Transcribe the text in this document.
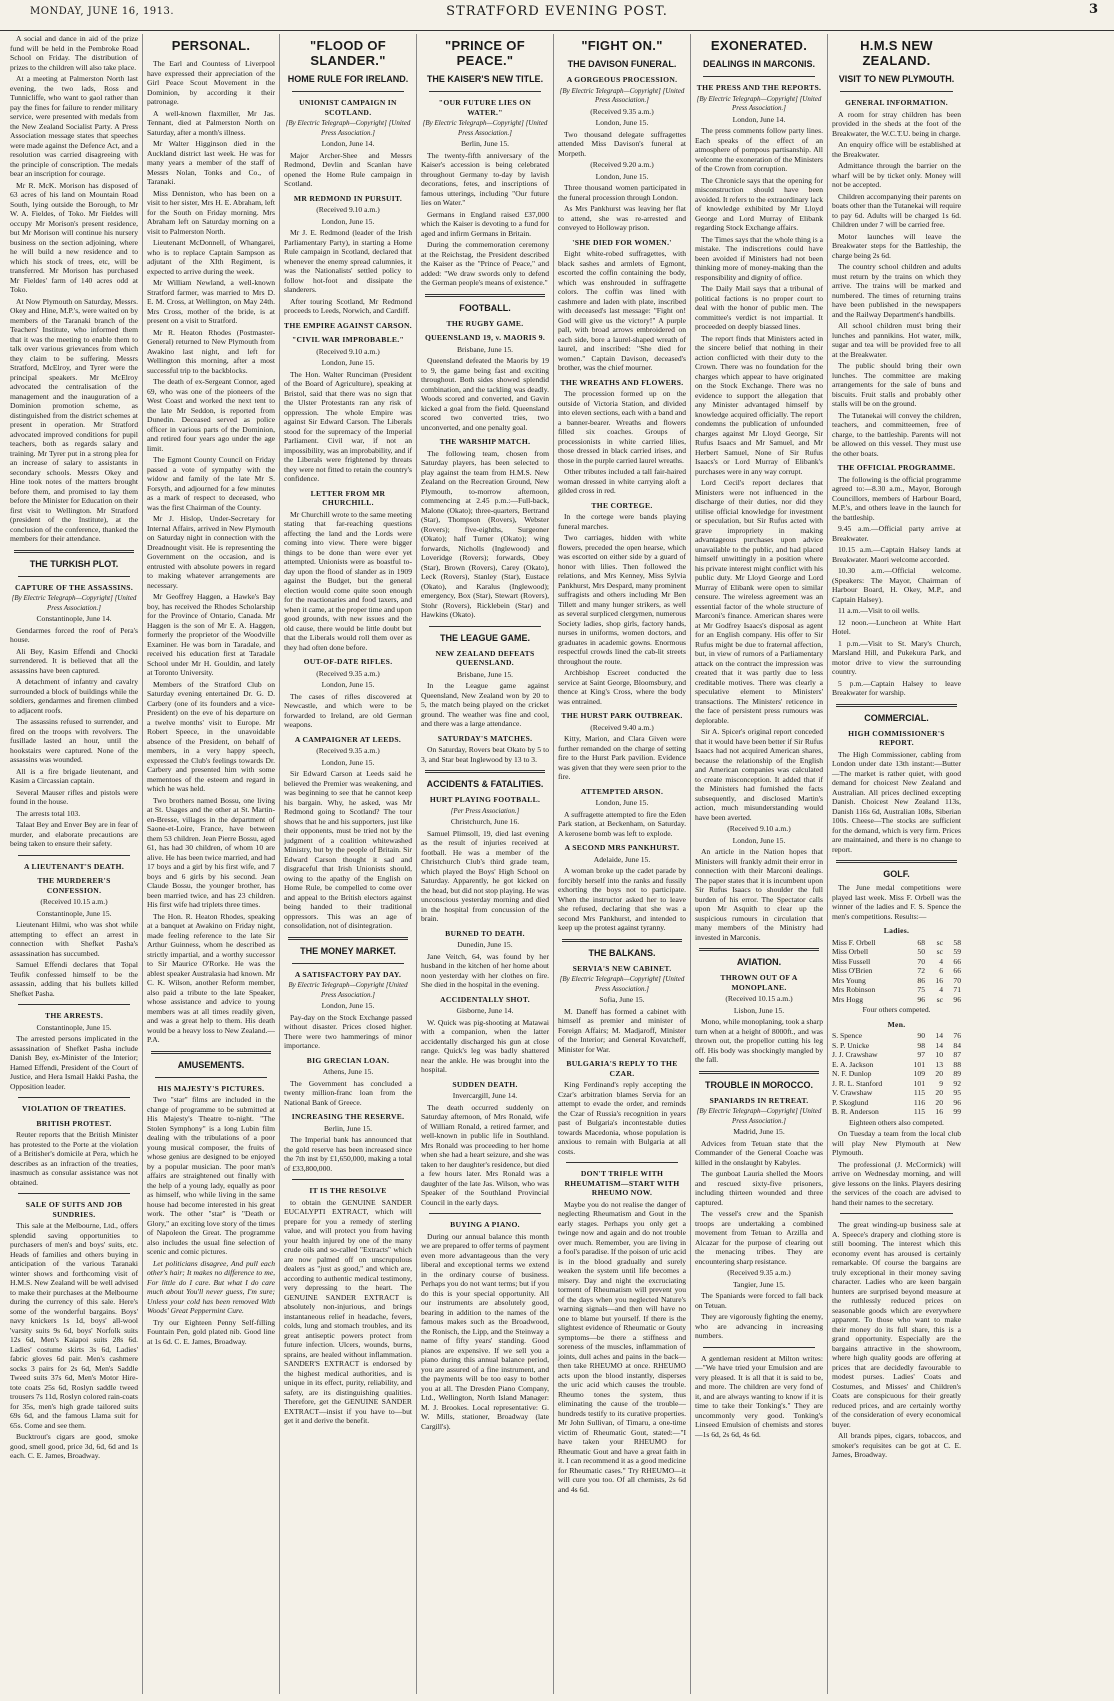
MONDAY, JUNE 16, 1913.	STRATFORD EVENING POST.	3

A social and dance in aid of the prize fund will be held in the Pembroke Road School on Friday. The distribution of prizes to the children will also take place.

At a meeting at Palmerston North last evening, the two lads, Ross and Tunnicliffe, who want to gaol rather than pay the fines for failure to render military service, were presented with medals from the New Zealand Socialist Party. A Press Association message states that speeches were made against the Defence Act, and a resolution was carried disagreeing with the principle of conscription. The medals bear an inscription for courage.

Mr R. McK. Morison has disposed of 63 acres of his land on Mountain Road South, lying outside the Borough, to Mr W. A. Fieldes, of Toko. Mr Fieldes will occupy Mr Morison's present residence, but Mr Morison will continue his nursery business on the section adjoining, where he will build a new residence and to which his stock of trees, etc, will be transferred. Mr Morison has purchased Mr Fieldes' farm of 140 acres odd at Toko.

At Now Plymouth on Saturday, Messrs. Okey and Hine, M.P.'s, were waited on by members of the Taranaki branch of the Teachers' Institute, who informed them that it was the meeting to enable them to talk over various grievances from which they claim to be suffering. Messrs Stratford, McElroy, and Tyrer were the principal speakers. Mr McElroy advocated the centralisation of the management and the inauguration of a Dominion promotion scheme, as distinguished from the district schemes at present in operation. Mr Stratford advocated improved conditions for pupil teachers, both as regards salary and training. Mr Tyrer put in a strong plea for an increase of salary to assistants in secondary schools. Messrs Okey and Hine took notes of the matters brought before them, and promised to lay them before the Minister for Education on their first visit to Wellington. Mr Stratford (president of the Institute), at the conclusion of the conference, thanked the members for their attendance.

THE TURKISH PLOT.
CAPTURE OF THE ASSASSINS.
[By Electric Telegraph—Copyright] [United Press Association.]
Constantinople, June 14.

Gendarmes forced the roof of Pera's house.

Ali Bey, Kasim Effendi and Chocki surrendered. It is believed that all the assassins have been captured.

A detachment of infantry and cavalry surrounded a block of buildings while the soldiers, gendarmes and firemen climbed to adjacent roofs.

The assassins refused to surrender, and fired on the troops with revolvers. The fusillade lasted an hour, until the hookstairs were captured. None of the assassins was wounded.

All is a fire brigade lieutenant, and Kasim a Circassian captain.

Several Mauser rifles and pistols were found in the house.

The arrests total 103.

Talaat Bey and Enver Bey are in fear of murder, and elaborate precautions are being taken to ensure their safety.

A LIEUTENANT'S DEATH.
THE MURDERER'S CONFESSION.
(Received 10.15 a.m.)
Constantinople, June 15.

Lieutenant Hilmi, who was shot while attempting to effect an arrest in connection with Shefket Pasha's assassination has succumbed.

Samuel Effendi declares that Topal Teufik confessed himself to be the assassin, adding that his bullets killed Shefket Pasha.

THE ARRESTS.
Constantinople, June 15.

The arrested persons implicated in the assassination of Shefket Pasha include Danish Bey, ex-Minister of the Interior; Hamed Effendi, President of the Court of Justice, and Hera Ismail Hakki Pasha, the Opposition leader.

VIOLATION OF TREATIES.
BRITISH PROTEST.

Reuter reports that the British Minister has protested to the Porte at the violation of a Britisher's domicile at Pera, which he describes as an infraction of the treaties, inasmuch as consular assistance was not obtained.

SALE OF SUITS AND JOB SUNDRIES.

This sale at the Melbourne, Ltd., offers splendid saving opportunities to purchasers of men's and boys' suits, etc. Heads of families and others buying in anticipation of the various Taranaki winter shows and forthcoming visit of H.M.S. New Zealand will be well advised to make their purchases at the Melbourne during the currency of this sale. Here's some of the wonderful bargains. Boys' navy knickers 1s 1d, boys' all-wool 'varsity suits 9s 6d, boys' Norfolk suits 12s 6d, Men's Kaiapoi suits 28s 6d. Ladies' costume skirts 3s 6d, Ladies' fabric gloves 6d pair. Men's cashmere socks 3 pairs for 2s 6d, Men's Saddle Tweed suits 37s 6d, Men's Motor Hire-tote coats 25s 6d, Roslyn saddle tweed trousers 7s 11d, Roslyn colored rain-coats for 35s, men's high grade tailored suits 69s 6d, and the famous Llama suit for 65s. Come and see them.

Bucktrout's cigars are good, smoke good, smell good, price 3d, 6d, 6d and 1s each. C. E. James, Broadway.

PERSONAL.

The Earl and Countess of Liverpool have expressed their appreciation of the Girl Peace Scout Movement in the Dominion, by according it their patronage.

A well-known flaxmiller, Mr Jas. Tennant, died at Palmerston North on Saturday, after a month's illness.

Mr Walter Higginson died in the Auckland district last week. He was for many years a member of the staff of Messrs Nolan, Tonks and Co., of Taranaki.

Miss Denniston, who has been on a visit to her sister, Mrs H. E. Abraham, left for the South on Friday morning. Mrs Abraham left on Saturday morning on a visit to Palmerston North.

Lieutenant McDonnell, of Whangarei, who is to replace Captain Sampson as adjutant of the XIth Regiment, is expected to arrive during the week.

Mr William Newland, a well-known Stratford farmer, was married to Mrs D. E. M. Cross, at Wellington, on May 24th. Mrs Cross, mother of the bride, is at present on a visit to Stratford.

Mr R. Heaton Rhodes (Postmaster-General) returned to New Plymouth from Awakino last night, and left for Wellington this morning, after a most successful trip to the backblocks.

The death of ex-Sergeant Connor, aged 69, who was one of the pioneers of the West Coast and worked the next tent to the late Mr Seddon, is reported from Dunedin. Deceased served as police officer in various parts of the Dominion, and retired four years ago under the age limit.

The Egmont County Council on Friday passed a vote of sympathy with the widow and family of the late Mr S. Forsyth, and adjourned for a few minutes as a mark of respect to deceased, who was the first Chairman of the County.

Mr J. Hislop, Under-Secretary for Internal Affairs, arrived in New Plymouth on Saturday night in connection with the Dreadnought visit. He is representing the Government on the occasion, and is entrusted with absolute powers in regard to making whatever arrangements are necessary.

Mr Geoffrey Haggen, a Hawke's Bay boy, has received the Rhodes Scholarship for the Province of Ontario, Canada. Mr Haggen is the son of Mr E. A. Haggen, formerly the proprietor of the Woodville Examiner. He was born in Taradale, and received his education first at Taradale School under Mr H. Gouldin, and lately at Toronto University.

Members of the Stratford Club on Saturday evening entertained Dr. G. D. Carbery (one of its founders and a vice-President) on the eve of his departure on a twelve months' visit to Europe. Mr Robert Speece, in the unavoidable absence of the President, on behalf of members, in a very happy speech, expressed the Club's feelings towards Dr. Carbery and presented him with some mementoes of the esteem and regard in which he was held.

Two brothers named Bossu, one living at St. Usages and the other at St. Martin-en-Bresse, villages in the department of Saone-et-Loire, France, have between them 53 children. Jean Pierre Bossu, aged 61, has had 30 children, of whom 10 are alive. He has been twice married, and had 17 boys and a girl by his first wife, and 7 boys and 6 girls by his second. Jean Claude Bossu, the younger brother, has been married twice, and has 23 children. His first wife had triplets three times.

The Hon. R. Heaton Rhodes, speaking at a banquet at Awakino on Friday night, made feeling reference to the late Sir Arthur Guinness, whom he described as strictly impartial, and a worthy successor to Sir Maurice O'Rorke. He was the ablest speaker Australasia had known. Mr C. K. Wilson, another Reform member, also paid a tribute to the late Speaker, whose assistance and advice to young members was at all times readily given, and was a great help to them. His death would be a heavy loss to New Zealand.—P.A.

AMUSEMENTS.
HIS MAJESTY'S PICTURES.

Two "star" films are included in the change of programme to be submitted at His Majesty's Theatre to-night. "The Stolen Symphony" is a long Lubin film dealing with the tribulations of a poor young musical composer, the fruits of whose genius are designed to be enjoyed by a popular musician. The poor man's affairs are straightened out finally with the help of a young lady, equally as poor as himself, who while living in the same house had become interested in his great work. The other "star" is "Death or Glory," an exciting love story of the times of Napoleon the Great. The programme also includes the usual fine selection of scenic and comic pictures.

Let politicians disagree, And pull each other's hair; It makes no difference to me, For little do I care. But what I do care much about You'll never guess, I'm sure; Unless your cold has been removed With Woods' Great Peppermint Cure.

Try our Eighteen Penny Self-filling Fountain Pen, gold plated nib. Good line at 1s 6d. C. E. James, Broadway.

"FLOOD OF SLANDER."
HOME RULE FOR IRELAND.
UNIONIST CAMPAIGN IN SCOTLAND.
[By Electric Telegraph—Copyright] [United Press Association.]
London, June 14.

Major Archer-Shee and Messrs Redmond, Devlin and Scanlan have opened the Home Rule campaign in Scotland.

MR REDMOND IN PURSUIT.
(Received 9.10 a.m.)
London, June 15.

Mr J. E. Redmond (leader of the Irish Parliamentary Party), in starting a Home Rule campaign in Scotland, declared that whenever the enemy spread calumnies, it was the Nationalists' settled policy to follow hot-foot and dissipate the slanderers.

After touring Scotland, Mr Redmond proceeds to Leeds, Norwich, and Cardiff.

THE EMPIRE AGAINST CARSON.
"CIVIL WAR IMPROBABLE."
(Received 9.10 a.m.)
London, June 15.

The Hon. Walter Runciman (President of the Board of Agriculture), speaking at Bristol, said that there was no sign that the Ulster Protestants ran any risk of oppression. The whole Empire was against Sir Edward Carson. The Liberals stood for the supremacy of the Imperial Parliament. Civil war, if not an impossibility, was an improbability, and if the Liberals were frightened by threats they were not fitted to retain the country's confidence.

LETTER FROM MR CHURCHILL.

Mr Churchill wrote to the same meeting stating that far-reaching questions affecting the land and the Lords were coming into view. There were bigger things to be done than were ever yet attempted. Unionists were as boastful to-day upon the flood of slander as in 1909 against the Budget, but the general election would come quite soon enough for the reactionaries and food taxers, and when it came, at the proper time and upon good grounds, with new issues and the old cause, there would be little doubt but that the Liberals would roll them over as they had often done before.

OUT-OF-DATE RIFLES.
(Received 9.35 a.m.)
London, June 15.

The cases of rifles discovered at Newcastle, and which were to be forwarded to Ireland, are old German weapons.

A CAMPAIGNER AT LEEDS.
(Received 9.35 a.m.)
London, June 15.

Sir Edward Carson at Leeds said he believed the Premier was weakening, and was beginning to see that he cannot keep his bargain. Why, he asked, was Mr Redmond going to Scotland? The tour shows that he and his supporters, just like their opponents, must be tried not by the judgment of a coalition whitewashed Ministry, but by the people of Britain. Sir Edward Carson thought it sad and disgraceful that Irish Unionists should, owing to the apathy of the English on Home Rule, be compelled to come over and appeal to the British electors against being handed to their traditional oppressors. This was an age of consolidation, not of disintegration.

THE MONEY MARKET.
A SATISFACTORY PAY DAY.
By Electric Telegraph—Copyright [United Press Association.]
London, June 15.

Pay-day on the Stock Exchange passed without disaster. Prices closed higher. There were two hammerings of minor importance.

BIG GRECIAN LOAN.
Athens, June 15.

The Government has concluded a twenty million-franc loan from the National Bank of Greece.

INCREASING THE RESERVE.
Berlin, June 15.

The Imperial bank has announced that the gold reserve has been increased since the 7th inst by £1,650,000, making a total of £33,800,000.

IT IS THE RESOLVE

to obtain the GENUINE SANDER EUCALYPTI EXTRACT, which will prepare for you a remedy of sterling value, and will protect you from having your health injured by one of the many crude oils and so-called "Extracts" which are now palmed off on unscrupulous dealers as "just as good," and which are, according to authentic medical testimony, very depressing to the heart. The GENUINE SANDER EXTRACT is absolutely non-injurious, and brings instantaneous relief in headache, fevers, colds, lung and stomach troubles, and its great antiseptic powers protect from future infection. Ulcers, wounds, burns, sprains, are healed without inflammation. SANDER'S EXTRACT is endorsed by the highest medical authorities, and is unique in its effect, purity, reliability, and safety, are its distinguishing qualities. Therefore, get the GENUINE SANDER EXTRACT—insist if you have to—but get it and derive the benefit.

"PRINCE OF PEACE."
THE KAISER'S NEW TITLE.
"OUR FUTURE LIES ON WATER."
[By Electric Telegraph—Copyright] [United Press Association.]
Berlin, June 15.

The twenty-fifth anniversary of the Kaiser's accession is being celebrated throughout Germany to-day by lavish decorations, fetes, and inscriptions of famous utterings, including "Our future lies on Water."

Germans in England raised £37,000 which the Kaiser is devoting to a fund for aged and infirm Germans in Britain.

During the commemoration ceremony at the Reichstag, the President described the Kaiser as the "Prince of Peace," and added: "We draw swords only to defend the German people's means of existence."

FOOTBALL.
THE RUGBY GAME.
QUEENSLAND 19, v. MAORIS 9.
Brisbane, June 15.

Queensland defeated the Maoris by 19 to 9, the game being fast and exciting throughout. Both sides showed splendid combination, and the tackling was deadly. Woods scored and converted, and Gavin kicked a goal from the field. Queensland scored two converted tries, two unconverted, and one penalty goal.

THE WARSHIP MATCH.

The following team, chosen from Saturday players, has been selected to play against the team from H.M.S. New Zealand on the Recreation Ground, New Plymouth, to-morrow afternoon, commencing at 2.45 p.m.:—Full-back, Malone (Okato); three-quarters, Bertrand (Star), Thompson (Rovers), Webster (Rovers); five-eighths, Surgeoner (Okato); half Turner (Okato); wing forwards, Nicholls (Inglewood) and Loveridge (Rovers); forwards, Obey (Star), Brown (Rovers), Carey (Okato), Leck (Rovers), Stanley (Star), Eustace (Okato), and Karalus (Inglewood); emergency, Box (Star), Stewart (Rovers), Stohr (Rovers), Ricklebein (Star) and Hawkins (Okato).

THE LEAGUE GAME.
NEW ZEALAND DEFEATS QUEENSLAND.
Brisbane, June 15.

In the League game against Queensland, New Zealand won by 20 to 5, the match being played on the cricket ground. The weather was fine and cool, and there was a large attendance.

SATURDAY'S MATCHES.

On Saturday, Rovers beat Okato by 5 to 3, and Star beat Inglewood by 13 to 3.

ACCIDENTS & FATALITIES.
HURT PLAYING FOOTBALL.
[Per Press Association.]
Christchurch, June 16.

Samuel Plimsoll, 19, died last evening as the result of injuries received at football. He was a member of the Christchurch Club's third grade team, which played the Boys' High School on Saturday. Apparently, he got kicked on the head, but did not stop playing. He was unconscious yesterday morning and died in the hospital from concussion of the brain.

BURNED TO DEATH.
Dunedin, June 15.

Jane Veitch, 64, was found by her husband in the kitchen of her home about noon yesterday with her clothes on fire. She died in the hospital in the evening.

ACCIDENTALLY SHOT.
Gisborne, June 14.

W. Quick was pig-shooting at Matawai with a companion, when the latter accidentally discharged his gun at close range. Quick's leg was badly shattered near the ankle. He was brought into the hospital.

SUDDEN DEATH.
Invercargill, June 14.

The death occurred suddenly on Saturday afternoon, of Mrs Ronald, wife of William Ronald, a retired farmer, and well-known in public life in Southland. Mrs Ronald was proceeding to her home when she had a heart seizure, and she was taken to her daughter's residence, but died a few hours later. Mrs Ronald was a daughter of the late Jas. Wilson, who was Speaker of the Southland Provincial Council in the early days.

BUYING A PIANO.

During our annual balance this month we are prepared to offer terms of payment even more advantageous than the very liberal and exceptional terms we extend in the ordinary course of business. Perhaps you do not want terms; but if you do this is your special opportunity. All our instruments are absolutely good, bearing in addition to the names of the famous makes such as the Broadwood, the Ronisch, the Lipp, and the Steinway a name of fifty years' standing. Good pianos are expensive. If we sell you a piano during this annual balance period, you are assured of a fine instrument, and the payments will be too easy to bother you at all. The Dresden Piano Company, Ltd., Wellington, North Island Manager: M. J. Brookes. Local representative: G. W. Mills, stationer, Broadway (late Cargill's).

"FIGHT ON."
THE DAVISON FUNERAL.
A GORGEOUS PROCESSION.
[By Electric Telegraph—Copyright] [United Press Association.]
(Received 9.35 a.m.)
London, June 15.

Two thousand delegate suffragettes attended Miss Davison's funeral at Morpeth.

(Received 9.20 a.m.)
London, June 15.

Three thousand women participated in the funeral procession through London.

As Mrs Pankhurst was leaving her flat to attend, she was re-arrested and conveyed to Holloway prison.

'SHE DIED FOR WOMEN.'

Eight white-robed suffragettes, with black sashes and armlets of Egmont, escorted the coffin containing the body, which was enshrouded in suffragette colors. The coffin was lined with cashmere and laden with plate, inscribed with deceased's last message: "Fight on! God will give us the victory!" A purple pall, with broad arrows embroidered on each side, bore a laurel-shaped wreath of laurel, and inscribed: "She died for women." Captain Davison, deceased's brother, was the chief mourner.

THE WREATHS AND FLOWERS.

The procession formed up on the outside of Victoria Station, and divided into eleven sections, each with a band and a banner-bearer. Wreaths and flowers filled six coaches. Groups of processionists in white carried lilies, those dressed in black carried irises, and those in the purple carried laurel wreaths.

Other tributes included a tall fair-haired woman dressed in white carrying aloft a gilded cross in red.

THE CORTEGE.

In the cortege were bands playing funeral marches.

Two carriages, hidden with white flowers, preceded the open hearse, which was escorted on either side by a guard of honor with lilies. Then followed the relations, and Mrs Kenney, Miss Sylvia Pankhurst, Mrs Despard, many prominent suffragists and others including Mr Ben Tillett and many hunger strikers, as well as several surpliced clergymen, numerous Society ladies, shop girls, factory hands, nurses in uniforms, women doctors, and graduates in academic gowns. Enormous respectful crowds lined the cab-lit streets throughout the route.

Archbishop Escreet conducted the service at Saint George, Bloomsbury, and thence at King's Cross, where the body was entrained.

THE HURST PARK OUTBREAK.
(Received 9.40 a.m.)

Kitty, Marion, and Clara Given were further remanded on the charge of setting fire to the Hurst Park pavilion. Evidence was given that they were seen prior to the fire.

ATTEMPTED ARSON.
London, June 15.

A suffragette attempted to fire the Eden Park station, at Beckenham, on Saturday. A kerosene bomb was left to explode.

A SECOND MRS PANKHURST.
Adelaide, June 15.

A woman broke up the cadet parade by forcibly herself into the ranks and fussily exhorting the boys not to participate. When the instructor asked her to leave she refused, declaring that she was a second Mrs Pankhurst, and intended to keep up the protest against tyranny.

THE BALKANS.
SERVIA'S NEW CABINET.
[By Electric Telegraph—Copyright] [United Press Association.]
Sofia, June 15.

M. Daneff has formed a cabinet with himself as premier and minister of Foreign Affairs; M. Madjaroff, Minister of the Interior; and General Kovatcheff, Minister for War.

BULGARIA'S REPLY TO THE CZAR.

King Ferdinand's reply accepting the Czar's arbitration blames Servia for an attempt to evade the order, and reminds the Czar of Russia's recognition in years past of Bulgaria's incontestable duties towards Macedonia, whose population is anxious to remain with Bulgaria at all costs.

DON'T TRIFLE WITH RHEUMATISM—START WITH RHEUMO NOW.

Maybe you do not realise the danger of neglecting Rheumatism and Gout in the early stages. Perhaps you only get a twinge now and again and do not trouble over much. Remember, you are living in a fool's paradise. If the poison of uric acid is in the blood gradually and surely weaken the system until life becomes a misery. Day and night the excruciating torment of Rheumatism will prevent you of the days when you neglected Nature's warning signals—and then will have no one to blame but yourself. If there is the slightest evidence of Rheumatic or Gouty symptoms—be there a stiffness and soreness of the muscles, inflammation of joints, dull aches and pains in the back—then take RHEUMO at once. RHEUMO acts upon the blood instantly, disperses the uric acid which causes the trouble. Rheumo tones the system, thus eliminating the cause of the trouble—hundreds testify to its curative properties. Mr John Sullivan, of Timaru, a one-time victim of Rheumatic Gout, stated:—"I have taken your RHEUMO for Rheumatic Gout and have a great faith in it. I can recommend it as a good medicine for Rheumatic cases." Try RHEUMO—it will cure you too. Of all chemists, 2s 6d and 4s 6d.

EXONERATED.
DEALINGS IN MARCONIS.
THE PRESS AND THE REPORTS.
[By Electric Telegraph—Copyright] [United Press Association.]
London, June 14.

The press comments follow party lines. Each speaks of the effect of an atmosphere of pompous partisanship. All welcome the exoneration of the Ministers of the Crown from corruption.

The Chronicle says that the opening for misconstruction should have been avoided. It refers to the extraordinary lack of knowledge exhibited by Mr Lloyd George and Lord Murray of Elibank regarding Stock Exchange affairs.

The Times says that the whole thing is a mistake. The indiscretions could have been avoided if Ministers had not been thinking more of money-making than the responsibility and dignity of office.

The Daily Mail says that a tribunal of political factions is no proper court to deal with the honor of public men. The committee's verdict is not impartial. It proceeded on deeply biassed lines.

The report finds that Ministers acted in the sincere belief that nothing in their action conflicted with their duty to the Crown. There was no foundation for the charges which appear to have originated on the Stock Exchange. There was no evidence to support the allegation that any Minister advantaged himself by knowledge acquired officially. The report condemns the publication of unfounded charges against Mr Lloyd George, Sir Rufus Isaacs and Mr Samuel, and Mr Herbert Samuel, None of Sir Rufus Isaacs's or Lord Murray of Elibank's purchases were in any way corrupt.

Lord Cecil's report declares that Ministers were not influenced in the discharge of their duties, nor did they utilise official knowledge for investment or speculation, but Sir Rufus acted with grave impropriety in making advantageous purchases upon advice unavailable to the public, and had placed himself unwittingly in a position where his private interest might conflict with his public duty. Mr Lloyd George and Lord Murray of Elibank were open to similar censure. The wireless agreement was an essential factor of the whole structure of Marconi's finance. American shares were at Mr Godfrey Isaacs's disposal as agent for an English company. His offer to Sir Rufus might be due to fraternal affection, but, in view of rumors of a Parliamentary attack on the contract the impression was created that it was partly due to less creditable motives. There was clearly a speculative element to Ministers' transactions. The Ministers' reticence in the face of persistent press rumours was deplorable.

Sir A. Spicer's original report conceded that it would have been better if Sir Rufus Isaacs had not acquired American shares, because the relationship of the English and American companies was calculated to create misconception. It added that if the Ministers had furnished the facts subsequently, and disclosed Martin's action, much misunderstanding would have been averted.

(Received 9.10 a.m.)
London, June 15.

An article in the Nation hopes that Ministers will frankly admit their error in connection with their Marconi dealings. The paper states that it is incumbent upon Sir Rufus Isaacs to shoulder the full burden of his error. The Spectator calls upon Mr Asquith to clear up the suspicious rumours in circulation that many members of the Ministry had invested in Marconis.

AVIATION.
THROWN OUT OF A MONOPLANE.
(Received 10.15 a.m.)
Lisbon, June 15.

Mono, while monoplaning, took a sharp turn when at a height of 8000ft., and was thrown out, the propellor cutting his leg off. His body was shockingly mangled by the fall.

TROUBLE IN MOROCCO.
SPANIARDS IN RETREAT.
[By Electric Telegraph—Copyright] [United Press Association.]
Madrid, June 15.

Advices from Tetuan state that the Commander of the General Coache was killed in the onslaught by Kabyles.

The gunboat Lauria shelled the Moors and rescued sixty-five prisoners, including thirteen wounded and three captured.

The vessel's crew and the Spanish troops are undertaking a combined movement from Tetuan to Arzilla and Alcazar for the purpose of clearing out the menacing tribes. They are encountering sharp resistance.

(Received 9.35 a.m.)
Tangier, June 15.

The Spaniards were forced to fall back on Tetuan.

They are vigorously fighting the enemy, who are advancing in increasing numbers.

A gentleman resident at Milton writes:—"We have tried your Emulsion and are very pleased. It is all that it is said to be, and more. The children are very fond of it, and are always wanting to know if it is time to take their Tonking's." They are uncommonly very good. Tonking's Linseed Emulsion of chemists and stores—1s 6d, 2s 6d, 4s 6d.

H.M.S NEW ZEALAND.
VISIT TO NEW PLYMOUTH.
GENERAL INFORMATION.

A room for stray children has been provided in the sheds at the foot of the Breakwater, the W.C.T.U. being in charge.

An enquiry office will be established at the Breakwater.

Admittance through the barrier on the wharf will be by ticket only. Money will not be accepted.

Children accompanying their parents on boats other than the Tutanekai will require to pay 6d. Adults will be charged 1s 6d. Children under 7 will be carried free.

Motor launches will leave the Breakwater steps for the Battleship, the charge being 2s 6d.

The country school children and adults must return by the trains on which they arrive. The trains will be marked and numbered. The times of returning trains have been published in the newspapers and the Railway Department's handbills.

All school children must bring their lunches and pannikins. Hot water, milk, sugar and tea will be provided free to all at the Breakwater.

The public should bring their own lunches. The committee are making arrangements for the sale of buns and biscuits. Fruit stalls and probably other stalls will be on the ground.

The Tutanekai will convey the children, teachers, and committeemen, free of charge, to the battleship. Parents will not be allowed on this vessel. They must use the other boats.

THE OFFICIAL PROGRAMME.

The following is the official programme agreed to:—8.30 a.m., Mayor, Borough Councillors, members of Harbour Board, M.P.'s, and others leave in the launch for the battleship.

9.45 a.m.—Official party arrive at Breakwater.

10.15 a.m.—Captain Halsey lands at Breakwater. Maori welcome accorded.

10.30 a.m.—Official welcome. (Speakers: The Mayor, Chairman of Harbour Board, H. Okey, M.P., and Captain Halsey).

11 a.m.—Visit to oil wells.

12 noon.—Luncheon at White Hart Hotel.

1 p.m.—Visit to St. Mary's Church, Marsland Hill, and Pukekura Park, and motor drive to view the surrounding country.

5 p.m.—Captain Halsey to leave Breakwater for warship.

COMMERCIAL.
HIGH COMMISSIONER'S REPORT.

The High Commissioner, cabling from London under date 13th instant:—Butter—The market is rather quiet, with good demand for choicest New Zealand and Australian. All prices declined excepting Danish. Choicest New Zealand 113s, Danish 116s 6d, Australian 108s, Siberian 100s. Cheese—The stocks are sufficient for the demand, which is very firm. Prices are maintained, and there is no change to report.

GOLF.

The June medal competitions were played last week. Miss F. Orbell was the winner of the ladies and F. S. Spence the men's competitions. Results:—

Ladies.
Miss F. Orbell	68	sc	58
Miss Orbell	50	sc	59
Miss Fussell	70	4	66
Miss O'Brien	72	6	66
Mrs Young	86	16	70
Mrs Robinson	75	4	71
Mrs Hogg	96	sc	96
Four others competed.
Men.
S. Spence	90	14	76
S. P. Unicke	98	14	84
J. J. Crawshaw	97	10	87
E. A. Jackson	101	13	88
N. F. Dunlop	109	20	89
J. R. L. Stanford	101	9	92
V. Crawshaw	115	20	95
P. Skoglund	116	20	96
B. R. Anderson	115	16	99
Eighteen others also competed.

On Tuesday a team from the local club will play New Plymouth at New Plymouth.

The professional (J. McCormick) will arrive on Wednesday morning, and will give lessons on the links. Players desiring the services of the coach are advised to hand their names to the secretary.

The great winding-up business sale at A. Speece's drapery and clothing store is still booming. The interest which this economy event has aroused is certainly remarkable. Of course the bargains are truly exceptional in their money saving character. Ladies who are keen bargain hunters are surprised beyond measure at the ruthlessly reduced prices on seasonable goods which are everywhere apparent. To those who want to make their money do its full share, this is a grand opportunity. Especially are the bargains attractive in the showroom, where high quality goods are offering at prices that are decidedly favourable to modest purses. Ladies' Coats and Costumes, and Misses' and Children's Coats are conspicuous for their greatly reduced prices, and are certainly worthy of the consideration of every economical buyer.

All brands pipes, cigars, tobaccos, and smoker's requisites can be got at C. E. James, Broadway.
